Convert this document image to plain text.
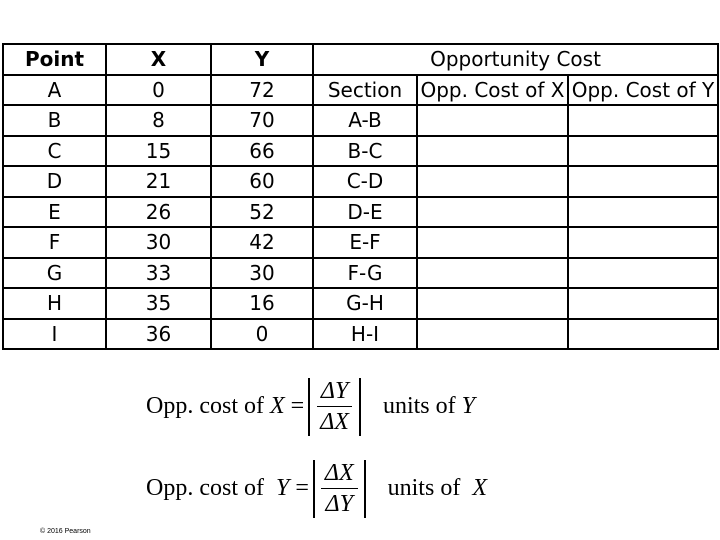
Point	X	Y	Opportunity Cost		
A	0	72	Section	Opp. Cost of X	Opp. Cost of Y
B	8	70	A-B		
C	15	66	B-C		
D	21	60	C-D		
E	26	52	D-E		
F	30	42	E-F		
G	33	30	F-G		
H	35	16	G-H		
I	36	0	H-I		
Opp. cost of $X = \frac{\Delta Y}{\Delta X}$ units of Y
Opp. cost of $Y = \frac{\Delta X}{\Delta Y}$ units of X
© 2016 Pearson
